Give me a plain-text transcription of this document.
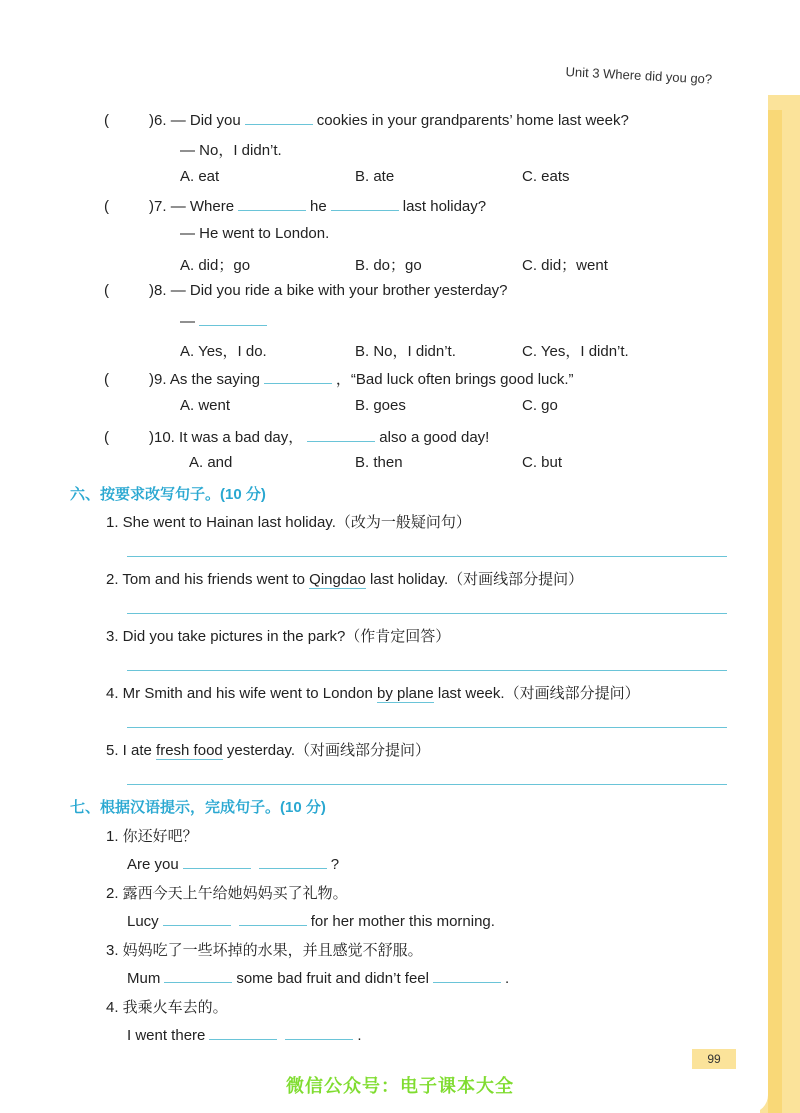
Unit 3 Where did you go?
(	)6. — Did you	cookies in your grandparents’ home last week?
— No，I didn’t.
A. eat	B. ate	C. eats
(	)7. — Where	he	last holiday?
— He went to London.
A. did；go	B. do；go	C. did；went
(	)8. — Did you ride a bike with your brother yesterday?
—
A. Yes，I do.	B. No，I didn’t.	C. Yes，I didn’t.
(	)9. As the saying	，“Bad luck often brings good luck.”
A. went	B. goes	C. go
(	)10. It was a bad day，	also a good day!
A. and	B. then	C. but
六、按要求改写句子。(10 分)
1. She went to Hainan last holiday.（改为一般疑问句）
2. Tom and his friends went to Qingdao last holiday.（对画线部分提问）
3. Did you take pictures in the park?（作肯定回答）
4. Mr Smith and his wife went to London by plane last week.（对画线部分提问）
5. I ate fresh food yesterday.（对画线部分提问）
七、根据汉语提示，完成句子。(10 分)
1. 你还好吧？
Are you	?
2. 露西今天上午给她妈妈买了礼物。
Lucy	for her mother this morning.
3. 妈妈吃了一些坏掉的水果，并且感觉不舒服。
Mum	some bad fruit and didn’t feel	.
4. 我乘火车去的。
I went there	.
99
微信公众号：电子课本大全
